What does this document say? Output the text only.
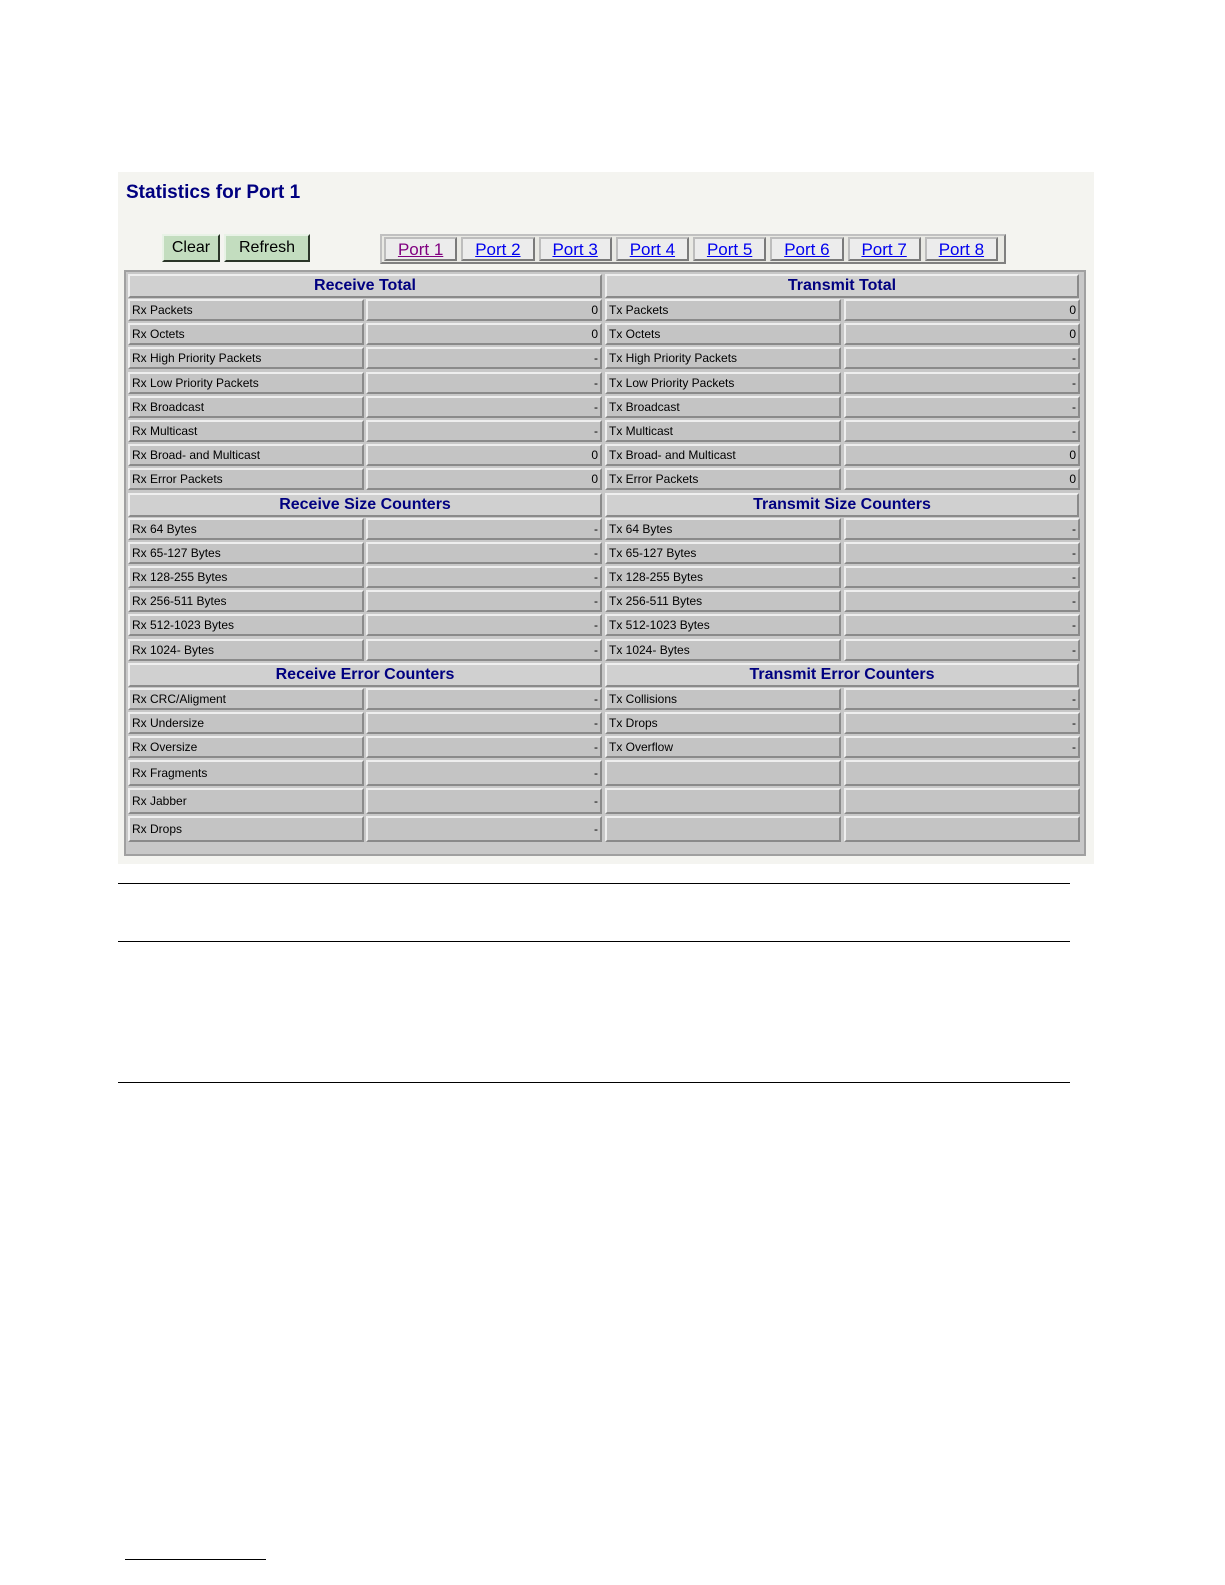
Statistics for Port 1
Clear	Refresh	Port 1	Port 2	Port 3	Port 4	Port 5	Port 6	Port 7	Port 8
Receive Total	Transmit Total
Rx Packets	0 Tx Packets	0
Rx Octets	0 Tx Octets	0
Rx High Priority Packets	- Tx High Priority Packets	-
Rx Low Priority Packets	- Tx Low Priority Packets	-
Rx Broadcast	- Tx Broadcast	-
Rx Multicast	- Tx Multicast	-
Rx Broad- and Multicast	0 Tx Broad- and Multicast	0
Rx Error Packets	0 Tx Error Packets	0
Receive Size Counters	Transmit Size Counters
Rx 64 Bytes	- Tx 64 Bytes	-
Rx 65-127 Bytes	- Tx 65-127 Bytes	-
Rx 128-255 Bytes	- Tx 128-255 Bytes	-
Rx 256-511 Bytes	- Tx 256-511 Bytes	-
Rx 512-1023 Bytes	- Tx 512-1023 Bytes	-
Rx 1024- Bytes	- Tx 1024- Bytes	-
Receive Error Counters	Transmit Error Counters
Rx CRC/Aligment	- Tx Collisions	-
Rx Undersize	- Tx Drops	-
Rx Oversize	- Tx Overflow	-
Rx Fragments	-
Rx Jabber	-
Rx Drops	-
